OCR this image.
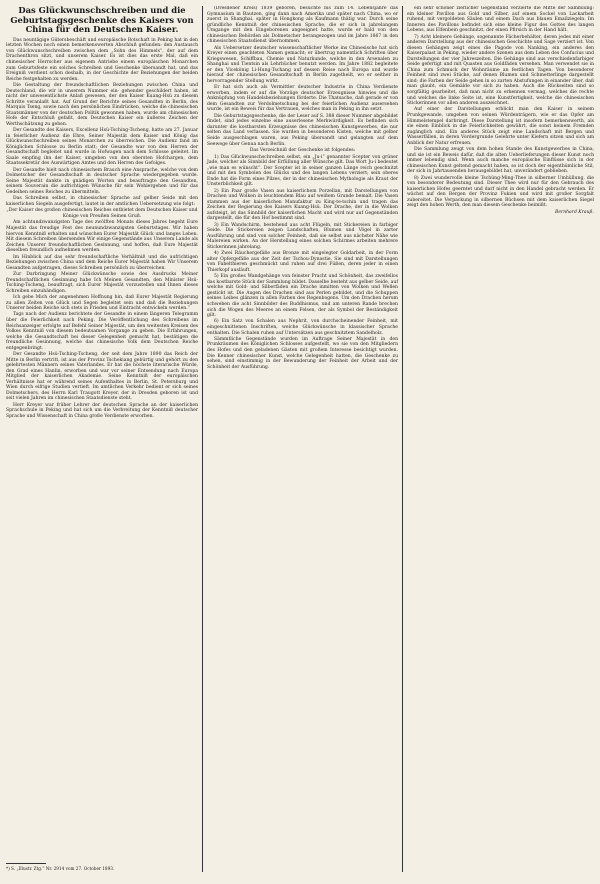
Das Glückwunschschreiben und die Geburtstagsgeschenke des Kaisers von China für den Deutschen Kaiser.

Das neuntägige Gütersbeschäft und europäische Botschaft in Peking hat in den letzten Wochen noch einen bemerkenswerten Abschluß gefunden: den Austausch von Glückwunschschreiben zwischen dem „Sohn des Himmels“, der auf dem Drachenthron sitzt, und unserem Kaiser. Es ist dies das erste Mal, daß ein chinesischer Herrscher aus eigenem Antriebe einem europäischen Monarchen zum Geburtsfeste ein solches Schreiben und Geschenke übersandt hat, und das Ereigniß verdient schon deshalb, in der Geschichte der Beziehungen der beiden Reiche festgehalten zu werden.

Die Gestaltung der freundschaftlichen Beziehungen zwischen China und Deutschland, die wir in unserem Nummer ein- gehender geschildert haben, ist nicht der unwesentlichste Anlaß gewesen, der den Kaiser Kuang-Hsü zu diesem Schritte veranlaßt hat. Auf Grund der Berichte seines Gesandten in Berlin, des Marquis Tseng, sowie nach den persönlichen Eindrücken, welche die chinesischen Staatsmänner von der deutschen Politik gewonnen haben, wurde am chinesischen Hofe der Entschluß gefaßt, dem Deutschen Kaiser ein äußeres Zeichen der Werthschätzung zu geben.

Der Gesandte des Kaisers, Excellenz Hsü-Tsching-Tscheng, hatte am 27. Januar in feierlicher Audienz die Ehre, Seiner Majestät dem Kaiser und König das Glückwunschschreiben seines Monarchen zu überreichen. Die Audienz fand im Königlichen Schlosse zu Berlin statt; der Gesandte war von den Herren der Gesandtschaft begleitet und wurde in Hofwagen nach dem Schlosse geleitet. Im Saale empfing ihn der Kaiser, umgeben von den obersten Hofchargen, dem Staatssekretär des Auswärtigen Amtes und den Herren des Gefolges.

Der Gesandte hielt nach chinesischem Brauch eine Ansprache, welche von dem Dolmetscher der Gesandtschaft in deutscher Sprache wiedergegeben wurde. Seine Majestät dankte in gnädigen Worten und beauftragte den Gesandten, seinem Souverain die aufrichtigen Wünsche für sein Wohlergehen und für das Gedeihen seines Reiches zu übermitteln.

Das Schreiben selbst, in chinesischer Sprache auf gelber Seide mit den kaiserlichen Siegeln ausgefertigt, lautet in der amtlichen Uebersetzung wie folgt:

„Der Kaiser des großen chinesischen Reiches entbietet dem Deutschen Kaiser und Könige von Preußen Seinen Gruß.

Am achtundzwanzigsten Tage des zwölften Monats dieses Jahres begeht Eure Majestät das freudige Fest des neunundzwanzigsten Geburtstages. Wir haben hiervon Kenntniß erhalten und wünschen Eurer Majestät Glück und langes Leben. Mit diesem Schreiben übersenden Wir einige Gegenstände aus Unserem Lande als Zeichen Unserer freundschaftlichen Gesinnung, und hoffen, daß Eure Majestät dieselben freundlich aufnehmen werden.

Im Hinblick auf das sehr freundschaftliche Verhältniß und die aufrichtigen Beziehungen zwischen China und dem Reiche Eurer Majestät haben Wir Unserem Gesandten aufgetragen, dieses Schreiben persönlich zu überreichen.

Zur Darbringung Meiner Glückwünsche sowie des Ausdrucks Meiner freundschaftlichen Gesinnung habe Ich Meinen Gesandten, den Minister Hsü-Tsching-Tscheng, beauftragt, sich Eurer Majestät vorzustellen und Ihnen dieses Schreiben einzuhändigen.

Ich gebe Mich der angenehmen Hoffnung hin, daß Eurer Majestät Regierung zu allen Zeiten von Glück und Segen begleitet sein und daß die Beziehungen Unserer beiden Reiche sich stets in Frieden und Eintracht entwickeln werden.“

Tags nach der Audienz berichtete der Gesandte in einem längeren Telegramm über die Feierlichkeit nach Peking. Die Veröffentlichung des Schreibens im Reichsanzeiger erfolgte auf Befehl Seiner Majestät, um den weitesten Kreisen des Volkes Kenntniß von diesem bedeutsamen Vorgange zu geben. Die Erfahrungen, welche die Gesandtschaft bei dieser Gelegenheit gemacht hat, bestätigen die freundliche Gesinnung, welche das chinesische Volk dem Deutschen Reiche entgegenbringt.

Der Gesandte Hsü-Tsching-Tscheng, der seit dem Jahre 1890 das Reich der Mitte in Berlin vertritt, ist aus der Provinz Tschekiang gebürtig und gehört zu den gelehrtesten Männern seines Vaterlandes. Er hat die höchste literarische Würde, den Grad eines Hanlin, erworben und war vor seiner Entsendung nach Europa Mitglied der kaiserlichen Akademie. Seine Kenntniß der europäischen Verhältnisse hat er während seines Aufenthaltes in Berlin, St. Petersburg und Wien durch eifrige Studien vertieft. Im amtlichen Verkehr bedient er sich seines Dolmetschers, des Herrn Karl Traugott Kreyer, der in Dresden geboren ist und seit vielen Jahren im chinesischen Staatsdienste steht.

Herr Kreyer war früher Lehrer der deutschen Sprache an der kaiserlichen Sprachschule in Peking und hat sich um die Verbreitung der Kenntniß deutscher Sprache und Wissenschaft in China große Verdienste erworben.

*) S. „Illustr. Ztg.“ Nr. 2914 vom 27. October 1893.

(Dresdener Kreis) 1839 geboren, besuchte bis zum 14. Lebensjahre das Gymnasium in Bautzen, ging dann nach Amerika und später nach China, wo er zuerst in Shanghai, später in Hongkong als Kaufmann thätig war. Durch seine gründliche Kenntniß der chinesischen Sprache, die er sich in jahrelangem Umgange mit den Eingeborenen angeeignet hatte, wurde er bald von den chinesischen Behörden als Dolmetscher herangezogen und im Jahre 1867 in den chinesischen Staatsdienst übernommen.

Als Uebersetzer deutscher wissenschaftlicher Werke ins Chinesische hat sich Kreyer einen geachteten Namen gemacht; er übertrug namentlich Schriften über Kriegswesen, Schiffbau, Chemie und Naturkunde, welche in den Arsenalen zu Shanghai und Tientsin als Lehrbücher benutzt werden. Im Jahre 1882 begleitete er den Vicekönig Li-Hung-Tschang auf dessen Reise nach Europa und wurde hierauf der chinesischen Gesandtschaft in Berlin zugetheilt, wo er seither in hervorragender Stellung wirkt.

Er hat sich auch als Vermittler deutscher Industrie in China Verdienste erworben, indem er auf die Vorzüge deutscher Erzeugnisse hinwies und die Anknüpfung von Handelsbeziehungen förderte. Die Thatsache, daß gerade er von dem Gesandten zur Verdolmetschung bei der feierlichen Audienz ausersehen wurde, ist ein Beweis für das Vertrauen, welches man in Peking in ihn setzt.

Die Geburtstagsgeschenke, die der Leser auf S. 388 dieser Nummer abgebildet findet, sind jedes einzelne eine auserlesene Merkwürdigkeit. Es befinden sich darunter die kostbarsten Erzeugnisse des chinesischen Kunstgewerbes, die nur selten das Land verlassen. Sie wurden in besonderen Kisten, welche mit gelber Seide ausgeschlagen waren, aus Peking übersandt und gelangten auf dem Seewege über Genua nach Berlin.

Das Verzeichniß der Geschenke ist folgendes:

1) Das Glückwunschschreiben selbst, ein „Ju-i“ genannter Scepter von grüner Jade, welcher als Sinnbild der Erfüllung aller Wünsche gilt. Das Wort Ju-i bedeutet „wie man es wünscht“. Der Scepter ist in seiner ganzen Länge reich geschnitzt und mit den Symbolen des Glücks und des langen Lebens verziert; sein oberes Ende hat die Form eines Pilzes, der in der chinesischen Mythologie als Kraut der Unsterblichkeit gilt.

2) Ein Paar große Vasen aus kaiserlichem Porzellan, mit Darstellungen von Drachen und Wolken in leuchtendem Blau auf weißem Grunde bemalt. Die Vasen stammen aus der kaiserlichen Manufaktur zu King-te-tschin und tragen das Zeichen der Regierung des Kaisers Kuang-Hsü. Der Drache, der in die Wolken aufsteigt, ist das Sinnbild der kaiserlichen Macht und wird nur auf Gegenständen dargestellt, die für den Hof bestimmt sind.

3) Ein Wandschirm, bestehend aus acht Flügeln, mit Stickereien in farbiger Seide. Die Stickereien zeigen Landschaften, Blumen und Vögel in zarter Ausführung und sind von solcher Feinheit, daß sie selbst aus nächster Nähe wie Malereien wirken. An der Herstellung eines solchen Schirmes arbeiten mehrere Stickerinnen jahrelang.

4) Zwei Räuchergefäße aus Bronze mit eingelegter Goldarbeit, in der Form alter Opfergefäße aus der Zeit der Tschou-Dynastie. Sie sind mit Darstellungen von Fabelthieren geschmückt und ruhen auf drei Füßen, deren jeder in einen Thierkopf ausläuft.

5) Ein großes Wandgehänge von feinster Pracht und Schönheit, das zweifellos das kostbarste Stück der Sammlung bildet. Dasselbe besteht aus gelber Seide, auf welche mit Gold- und Silberfäden ein Drache inmitten von Wolken und Wellen gestickt ist. Die Augen des Drachen sind aus Perlen gebildet, und die Schuppen seines Leibes glänzen in allen Farben des Regenbogens. Um den Drachen herum schweben die acht Sinnbilder des Buddhismus, und am unteren Rande brechen sich die Wogen des Meeres an einem Felsen, der als Symbol der Beständigkeit gilt.

6) Ein Satz von Schalen aus Nephrit, von durchscheinender Feinheit, mit eingeschnittenen Inschriften, welche Glückwünsche in klassischer Sprache enthalten. Die Schalen ruhen auf Untersätzen aus geschnitztem Sandelholz.

Sämmtliche Gegenstände wurden im Auftrage Seiner Majestät in den Prunkräumen des Königlichen Schlosses aufgestellt, wo sie von den Mitgliedern des Hofes und den geladenen Gästen mit großem Interesse besichtigt wurden. Die Kenner chinesischer Kunst, welche Gelegenheit hatten, die Geschenke zu sehen, sind einstimmig in der Bewunderung der Feinheit der Arbeit und der Schönheit der Ausführung.

ein sehr schöner zierlicher Gegenstand verzierte die Mitte der Sammlung: ein kleiner Pavillon aus Gold und Silber, auf einem Sockel von Lackarbeit ruhend, mit vergoldeten Säulen und einem Dach aus blauen Emailziegeln. Im Inneren des Pavillons befindet sich eine kleine Figur des Gottes des langen Lebens, aus Elfenbein geschnitzt, der einen Pfirsich in der Hand hält.

7) Acht kleinere Gehänge, sogenannte Fächerbehälter, deren jedes mit einer anderen Darstellung aus der chinesischen Geschichte und Sage verziert ist. Von diesen Gehängen zeigt eines die Pagode von Nanking, ein anderes den Kaiserpalast in Peking, wieder andere Szenen aus dem Leben des Confucius und Darstellungen der vier Jahreszeiten. Die Gehänge sind aus verschiedenfarbiger Seide gefertigt und mit Quasten aus Goldfäden versehen. Man verwendet sie in China zum Schmuck der Wohnräume an festlichen Tagen. Von besonderer Feinheit sind zwei Stücke, auf denen Blumen und Schmetterlinge dargestellt sind; die Farben der Seide gehen in so zarten Abstufungen in einander über, daß man glaubt, ein Gemälde vor sich zu haben. Auch die Rückseiten sind so sorgfältig gearbeitet, daß man nicht zu erkennen vermag, welches die rechte und welches die linke Seite ist, eine Kunstfertigkeit, welche die chinesischen Stickerinnen vor allen anderen auszeichnet.

Auf einer der Darstellungen erblickt man den Kaiser in seinem Prunkgewande, umgeben von seinen Würdenträgern, wie er das Opfer am Himmelstempel darbringt. Diese Darstellung ist insofern bemerkenswerth, als sie einen Einblick in die Feierlichkeiten gewährt, die sonst keinem Fremden zugänglich sind. Ein anderes Stück zeigt eine Landschaft mit Bergen und Wasserfällen, in deren Vordergrunde Gelehrte unter Kiefern sitzen und sich am Anblick der Natur erfreuen.

Die Sammlung zeugt von dem hohen Stande des Kunstgewerbes in China, und sie ist ein Beweis dafür, daß die alten Ueberlieferungen dieser Kunst noch immer lebendig sind. Wenn auch manche europäische Einflüsse sich in der chinesischen Kunst geltend gemacht haben, so ist doch der eigenthümliche Stil, der sich in Jahrtausenden herausgebildet hat, unverändert geblieben.

8) Zwei wundervolle kleine Tschüng-Ming-Thee in silberner Umhüllung, die von besonderer Bedeutung sind. Dieser Thee wird nur für den Gebrauch des kaiserlichen Hofes geerntet und darf nicht in den Handel gebracht werden. Er wächst auf den Bergen der Provinz Fukien und wird mit großer Sorgfalt zubereitet. Die Verpackung in silbernen Büchsen mit dem kaiserlichen Siegel zeigt den hohen Werth, den man diesem Geschenke beimißt.

Bernhard Krauß.
